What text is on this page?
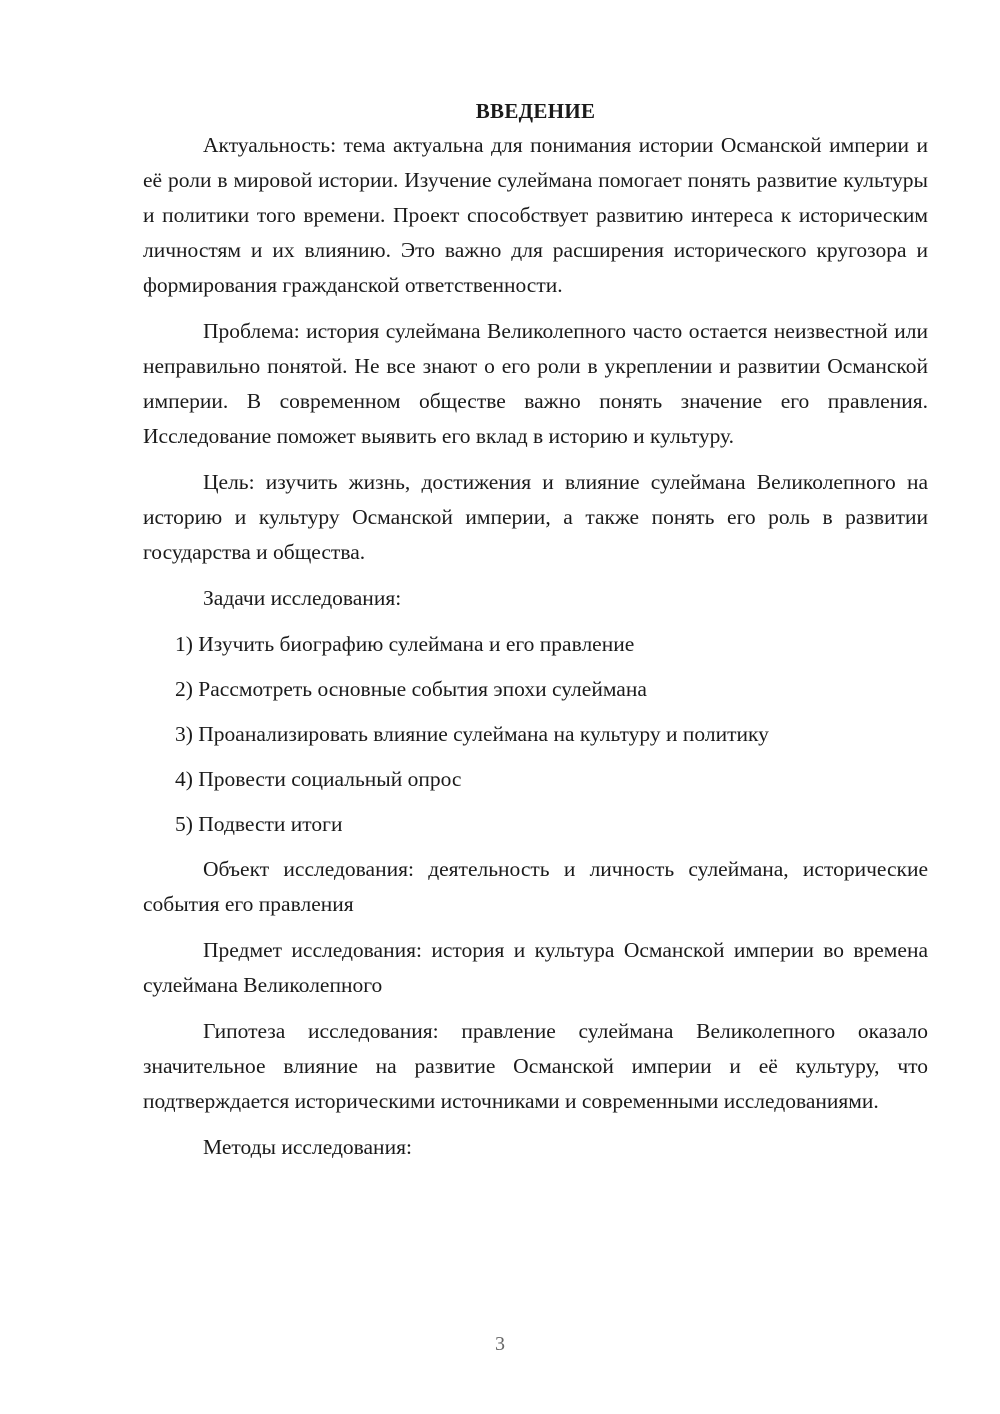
ВВЕДЕНИЕ

Актуальность: тема актуальна для понимания истории Османской империи и её роли в мировой истории. Изучение сулеймана помогает понять развитие культуры и политики того времени. Проект способствует развитию интереса к историческим личностям и их влиянию. Это важно для расширения исторического кругозора и формирования гражданской ответственности.

Проблема: история сулеймана Великолепного часто остается неизвестной или неправильно понятой. Не все знают о его роли в укреплении и развитии Османской империи. В современном обществе важно понять значение его правления. Исследование поможет выявить его вклад в историю и культуру.

Цель: изучить жизнь, достижения и влияние сулеймана Великолепного на историю и культуру Османской империи, а также понять его роль в развитии государства и общества.

Задачи исследования:

1) Изучить биографию сулеймана и его правление

2) Рассмотреть основные события эпохи сулеймана

3) Проанализировать влияние сулеймана на культуру и политику

4) Провести социальный опрос

5) Подвести итоги

Объект исследования: деятельность и личность сулеймана, исторические события его правления

Предмет исследования: история и культура Османской империи во времена сулеймана Великолепного

Гипотеза исследования: правление сулеймана Великолепного оказало значительное влияние на развитие Османской империи и её культуру, что подтверждается историческими источниками и современными исследованиями.

Методы исследования:

3
